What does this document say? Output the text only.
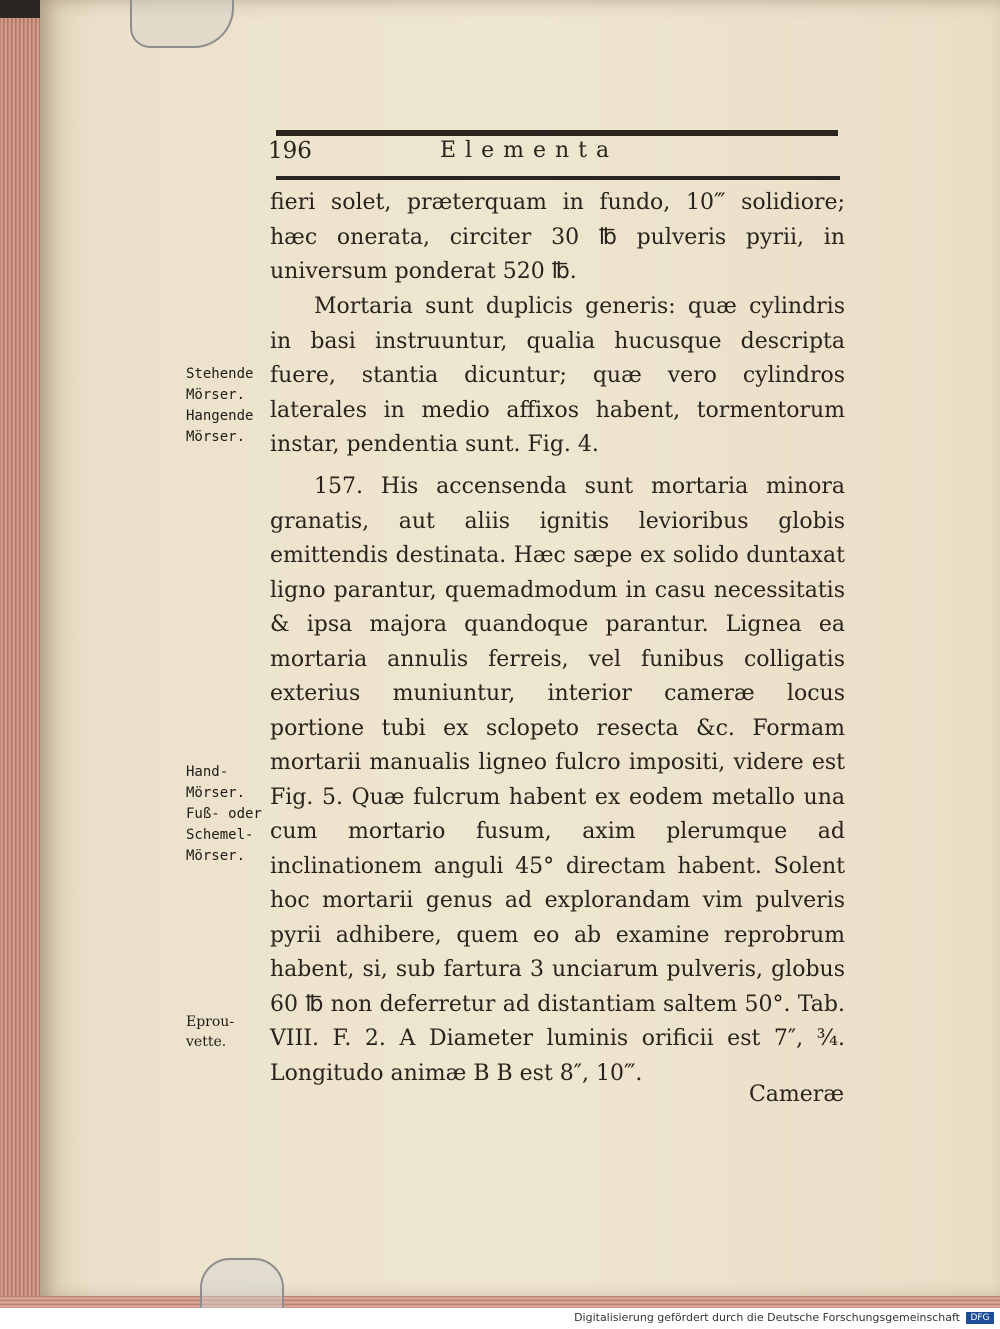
196	Elementa
fieri solet, præterquam in fundo, 10‴ solidiore; hæc onerata, circiter 30 ℔ pulveris pyrii, in universum ponderat 520 ℔.
Mortaria sunt duplicis generis: quæ cylindris in basi instruuntur, qualia hucusque descripta fuere, stantia dicuntur; quæ vero cylindros laterales in medio affixos habent, tormentorum instar, pendentia sunt. Fig. 4.
157. His accensenda sunt mortaria minora granatis, aut aliis ignitis levioribus globis emittendis destinata. Hæc sæpe ex solido duntaxat ligno parantur, quemadmodum in casu necessitatis & ipsa majora quandoque parantur. Lignea ea mortaria annulis ferreis, vel funibus colligatis exterius muniuntur, interior cameræ locus portione tubi ex sclopeto resecta &c. Formam mortarii manualis ligneo fulcro impositi, videre est Fig. 5. Quæ fulcrum habent ex eodem metallo una cum mortario fusum, axim plerumque ad inclinationem anguli 45° directam habent. Solent hoc mortarii genus ad explorandam vim pulveris pyrii adhibere, quem eo ab examine reprobrum habent, si, sub fartura 3 unciarum pulveris, globus 60 ℔ non deferretur ad distantiam saltem 50°. Tab. VIII. F. 2. A Diameter luminis orificii est 7″, ¾. Longitudo animæ B B est 8″, 10‴.
Cameræ
Stehende
Mörser.
Hangende
Mörser.
Hand-
Mörser.
Fuß- oder
Schemel-
Mörser.
Eprou-
vette.
Digitalisierung gefördert durch die Deutsche Forschungsgemeinschaft	DFG
